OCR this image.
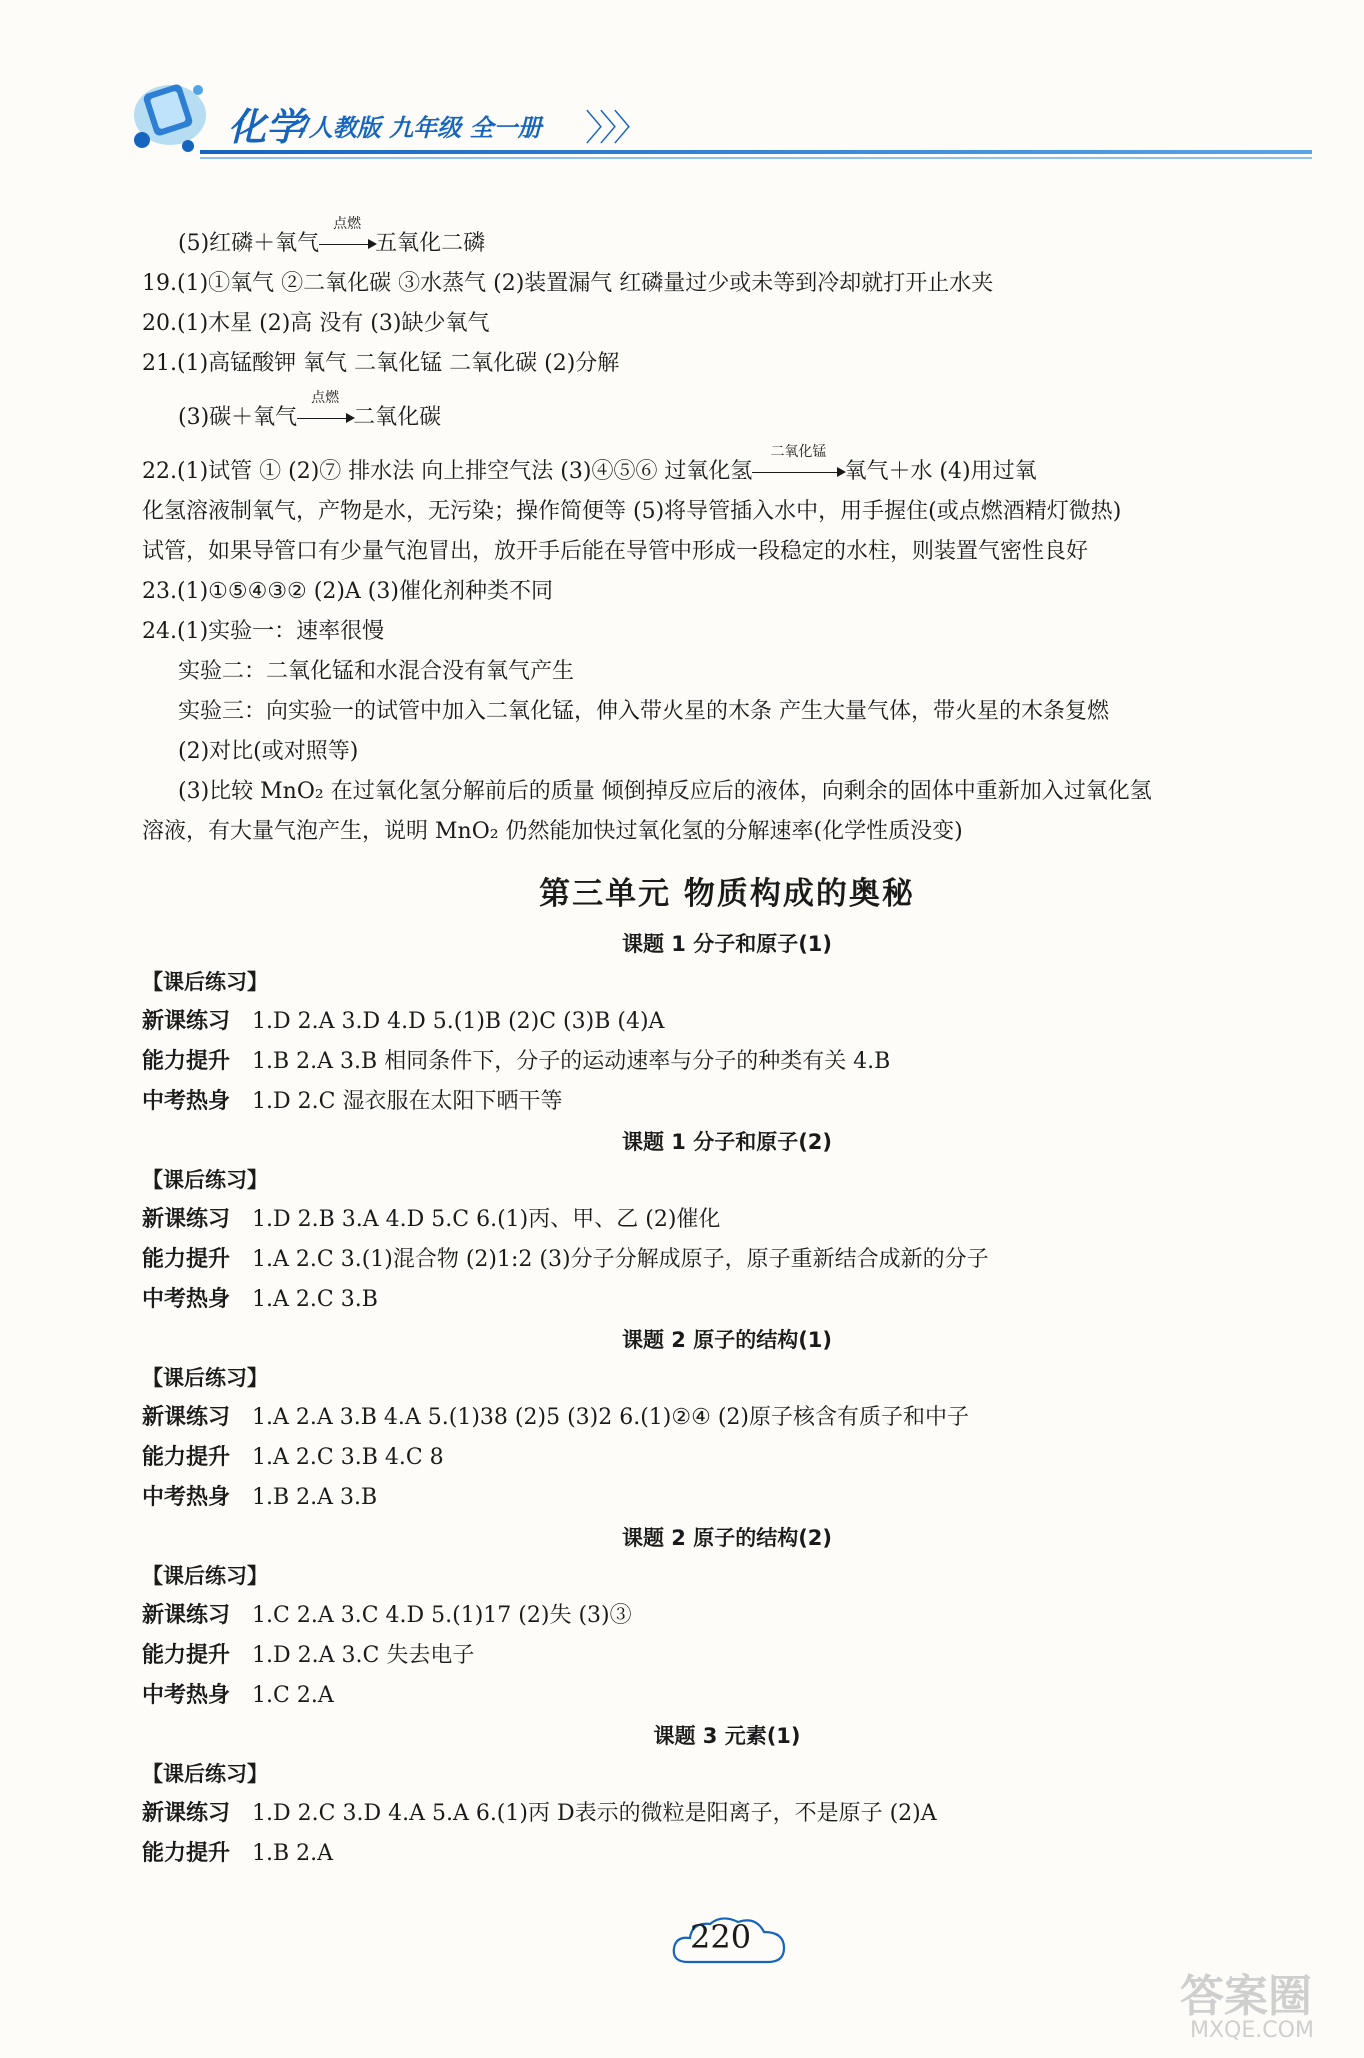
化学
/人教版 九年级 全一册 〉〉〉
(5)红磷＋氧气
点燃
五氧化二磷
19.(1)①氧气 ②二氧化碳 ③水蒸气 (2)装置漏气 红磷量过少或未等到冷却就打开止水夹
20.(1)木星 (2)高 没有 (3)缺少氧气
21.(1)高锰酸钾 氧气 二氧化锰 二氧化碳 (2)分解
(3)碳＋氧气
点燃
二氧化碳
22.(1)试管 ① (2)⑦ 排水法 向上排空气法 (3)④⑤⑥ 过氧化氢
二氧化锰
氧气＋水 (4)用过氧
化氢溶液制氧气，产物是水，无污染；操作简便等 (5)将导管插入水中，用手握住(或点燃酒精灯微热)
试管，如果导管口有少量气泡冒出，放开手后能在导管中形成一段稳定的水柱，则装置气密性良好
23.(1)①⑤④③② (2)A (3)催化剂种类不同
24.(1)实验一：速率很慢
实验二：二氧化锰和水混合没有氧气产生
实验三：向实验一的试管中加入二氧化锰，伸入带火星的木条 产生大量气体，带火星的木条复燃
(2)对比(或对照等)
(3)比较 MnO₂ 在过氧化氢分解前后的质量 倾倒掉反应后的液体，向剩余的固体中重新加入过氧化氢
溶液，有大量气泡产生，说明 MnO₂ 仍然能加快过氧化氢的分解速率(化学性质没变)
第三单元 物质构成的奥秘
课题 1 分子和原子(1)
【课后练习】
新课练习 1.D 2.A 3.D 4.D 5.(1)B (2)C (3)B (4)A
能力提升 1.B 2.A 3.B 相同条件下，分子的运动速率与分子的种类有关 4.B
中考热身 1.D 2.C 湿衣服在太阳下晒干等
课题 1 分子和原子(2)
【课后练习】
新课练习 1.D 2.B 3.A 4.D 5.C 6.(1)丙、甲、乙 (2)催化
能力提升 1.A 2.C 3.(1)混合物 (2)1:2 (3)分子分解成原子，原子重新结合成新的分子
中考热身 1.A 2.C 3.B
课题 2 原子的结构(1)
【课后练习】
新课练习 1.A 2.A 3.B 4.A 5.(1)38 (2)5 (3)2 6.(1)②④ (2)原子核含有质子和中子
能力提升 1.A 2.C 3.B 4.C 8
中考热身 1.B 2.A 3.B
课题 2 原子的结构(2)
【课后练习】
新课练习 1.C 2.A 3.C 4.D 5.(1)17 (2)失 (3)③
能力提升 1.D 2.A 3.C 失去电子
中考热身 1.C 2.A
课题 3 元素(1)
【课后练习】
新课练习 1.D 2.C 3.D 4.A 5.A 6.(1)丙 D表示的微粒是阳离子，不是原子 (2)A
能力提升 1.B 2.A
220
答案圈
MXQE.COM
